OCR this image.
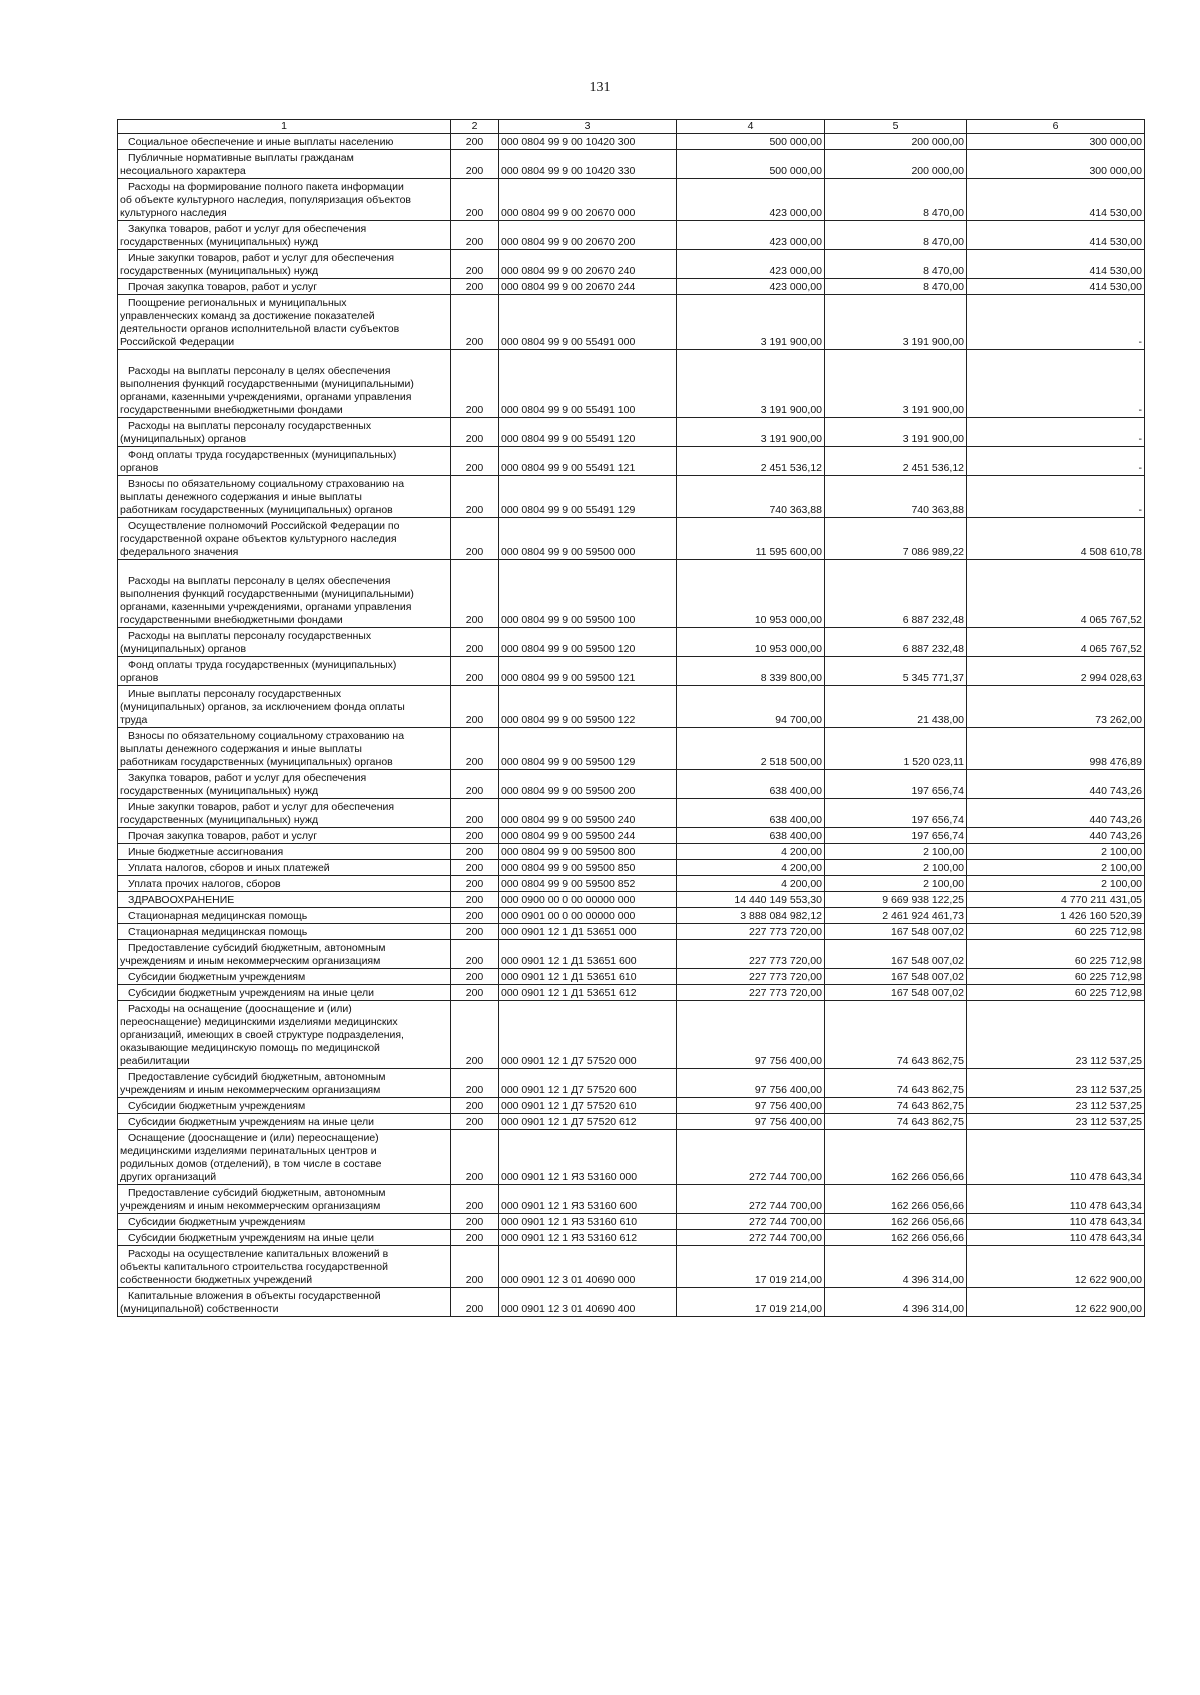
131
1	2	3	4	5	6

Социальное обеспечение и иные выплаты населению	200	000 0804 99 9 00 10420 300	500 000,00	200 000,00	300 000,00

Публичные нормативные выплаты гражданам
несоциального характера	200	000 0804 99 9 00 10420 330	500 000,00	200 000,00	300 000,00

Расходы на формирование полного пакета информации
об объекте культурного наследия, популяризация объектов
культурного наследия	200	000 0804 99 9 00 20670 000	423 000,00	8 470,00	414 530,00

Закупка товаров, работ и услуг для обеспечения
государственных (муниципальных) нужд	200	000 0804 99 9 00 20670 200	423 000,00	8 470,00	414 530,00

Иные закупки товаров, работ и услуг для обеспечения
государственных (муниципальных) нужд	200	000 0804 99 9 00 20670 240	423 000,00	8 470,00	414 530,00

Прочая закупка товаров, работ и услуг	200	000 0804 99 9 00 20670 244	423 000,00	8 470,00	414 530,00

Поощрение региональных и муниципальных
управленческих команд за достижение показателей
деятельности органов исполнительной власти субъектов
Российской Федерации	200	000 0804 99 9 00 55491 000	3 191 900,00	3 191 900,00	-

Расходы на выплаты персоналу в целях обеспечения
выполнения функций государственными (муниципальными)
органами, казенными учреждениями, органами управления
государственными внебюджетными фондами	200	000 0804 99 9 00 55491 100	3 191 900,00	3 191 900,00	-

Расходы на выплаты персоналу государственных
(муниципальных) органов	200	000 0804 99 9 00 55491 120	3 191 900,00	3 191 900,00	-

Фонд оплаты труда государственных (муниципальных)
органов	200	000 0804 99 9 00 55491 121	2 451 536,12	2 451 536,12	-

Взносы по обязательному социальному страхованию на
выплаты денежного содержания и иные выплаты
работникам государственных (муниципальных) органов	200	000 0804 99 9 00 55491 129	740 363,88	740 363,88	-

Осуществление полномочий Российской Федерации по
государственной охране объектов культурного наследия
федерального значения	200	000 0804 99 9 00 59500 000	11 595 600,00	7 086 989,22	4 508 610,78

Расходы на выплаты персоналу в целях обеспечения
выполнения функций государственными (муниципальными)
органами, казенными учреждениями, органами управления
государственными внебюджетными фондами	200	000 0804 99 9 00 59500 100	10 953 000,00	6 887 232,48	4 065 767,52

Расходы на выплаты персоналу государственных
(муниципальных) органов	200	000 0804 99 9 00 59500 120	10 953 000,00	6 887 232,48	4 065 767,52

Фонд оплаты труда государственных (муниципальных)
органов	200	000 0804 99 9 00 59500 121	8 339 800,00	5 345 771,37	2 994 028,63

Иные выплаты персоналу государственных
(муниципальных) органов, за исключением фонда оплаты
труда	200	000 0804 99 9 00 59500 122	94 700,00	21 438,00	73 262,00

Взносы по обязательному социальному страхованию на
выплаты денежного содержания и иные выплаты
работникам государственных (муниципальных) органов	200	000 0804 99 9 00 59500 129	2 518 500,00	1 520 023,11	998 476,89

Закупка товаров, работ и услуг для обеспечения
государственных (муниципальных) нужд	200	000 0804 99 9 00 59500 200	638 400,00	197 656,74	440 743,26

Иные закупки товаров, работ и услуг для обеспечения
государственных (муниципальных) нужд	200	000 0804 99 9 00 59500 240	638 400,00	197 656,74	440 743,26

Прочая закупка товаров, работ и услуг	200	000 0804 99 9 00 59500 244	638 400,00	197 656,74	440 743,26

Иные бюджетные ассигнования	200	000 0804 99 9 00 59500 800	4 200,00	2 100,00	2 100,00

Уплата налогов, сборов и иных платежей	200	000 0804 99 9 00 59500 850	4 200,00	2 100,00	2 100,00

Уплата прочих налогов, сборов	200	000 0804 99 9 00 59500 852	4 200,00	2 100,00	2 100,00

ЗДРАВООХРАНЕНИЕ	200	000 0900 00 0 00 00000 000	14 440 149 553,30	9 669 938 122,25	4 770 211 431,05

Стационарная медицинская помощь	200	000 0901 00 0 00 00000 000	3 888 084 982,12	2 461 924 461,73	1 426 160 520,39

Стационарная медицинская помощь	200	000 0901 12 1 Д1 53651 000	227 773 720,00	167 548 007,02	60 225 712,98

Предоставление субсидий бюджетным, автономным
учреждениям и иным некоммерческим организациям	200	000 0901 12 1 Д1 53651 600	227 773 720,00	167 548 007,02	60 225 712,98

Субсидии бюджетным учреждениям	200	000 0901 12 1 Д1 53651 610	227 773 720,00	167 548 007,02	60 225 712,98

Субсидии бюджетным учреждениям на иные цели	200	000 0901 12 1 Д1 53651 612	227 773 720,00	167 548 007,02	60 225 712,98

Расходы на оснащение (дооснащение и (или)
переоснащение) медицинскими изделиями медицинских
организаций, имеющих в своей структуре подразделения,
оказывающие медицинскую помощь по медицинской
реабилитации	200	000 0901 12 1 Д7 57520 000	97 756 400,00	74 643 862,75	23 112 537,25

Предоставление субсидий бюджетным, автономным
учреждениям и иным некоммерческим организациям	200	000 0901 12 1 Д7 57520 600	97 756 400,00	74 643 862,75	23 112 537,25

Субсидии бюджетным учреждениям	200	000 0901 12 1 Д7 57520 610	97 756 400,00	74 643 862,75	23 112 537,25

Субсидии бюджетным учреждениям на иные цели	200	000 0901 12 1 Д7 57520 612	97 756 400,00	74 643 862,75	23 112 537,25

Оснащение (дооснащение и (или) переоснащение)
медицинскими изделиями перинатальных центров и
родильных домов (отделений), в том числе в составе
других организаций	200	000 0901 12 1 Я3 53160 000	272 744 700,00	162 266 056,66	110 478 643,34

Предоставление субсидий бюджетным, автономным
учреждениям и иным некоммерческим организациям	200	000 0901 12 1 Я3 53160 600	272 744 700,00	162 266 056,66	110 478 643,34

Субсидии бюджетным учреждениям	200	000 0901 12 1 Я3 53160 610	272 744 700,00	162 266 056,66	110 478 643,34

Субсидии бюджетным учреждениям на иные цели	200	000 0901 12 1 Я3 53160 612	272 744 700,00	162 266 056,66	110 478 643,34

Расходы на осуществление капитальных вложений в
объекты капитального строительства государственной
собственности бюджетных учреждений	200	000 0901 12 3 01 40690 000	17 019 214,00	4 396 314,00	12 622 900,00

Капитальные вложения в объекты государственной
(муниципальной) собственности	200	000 0901 12 3 01 40690 400	17 019 214,00	4 396 314,00	12 622 900,00
